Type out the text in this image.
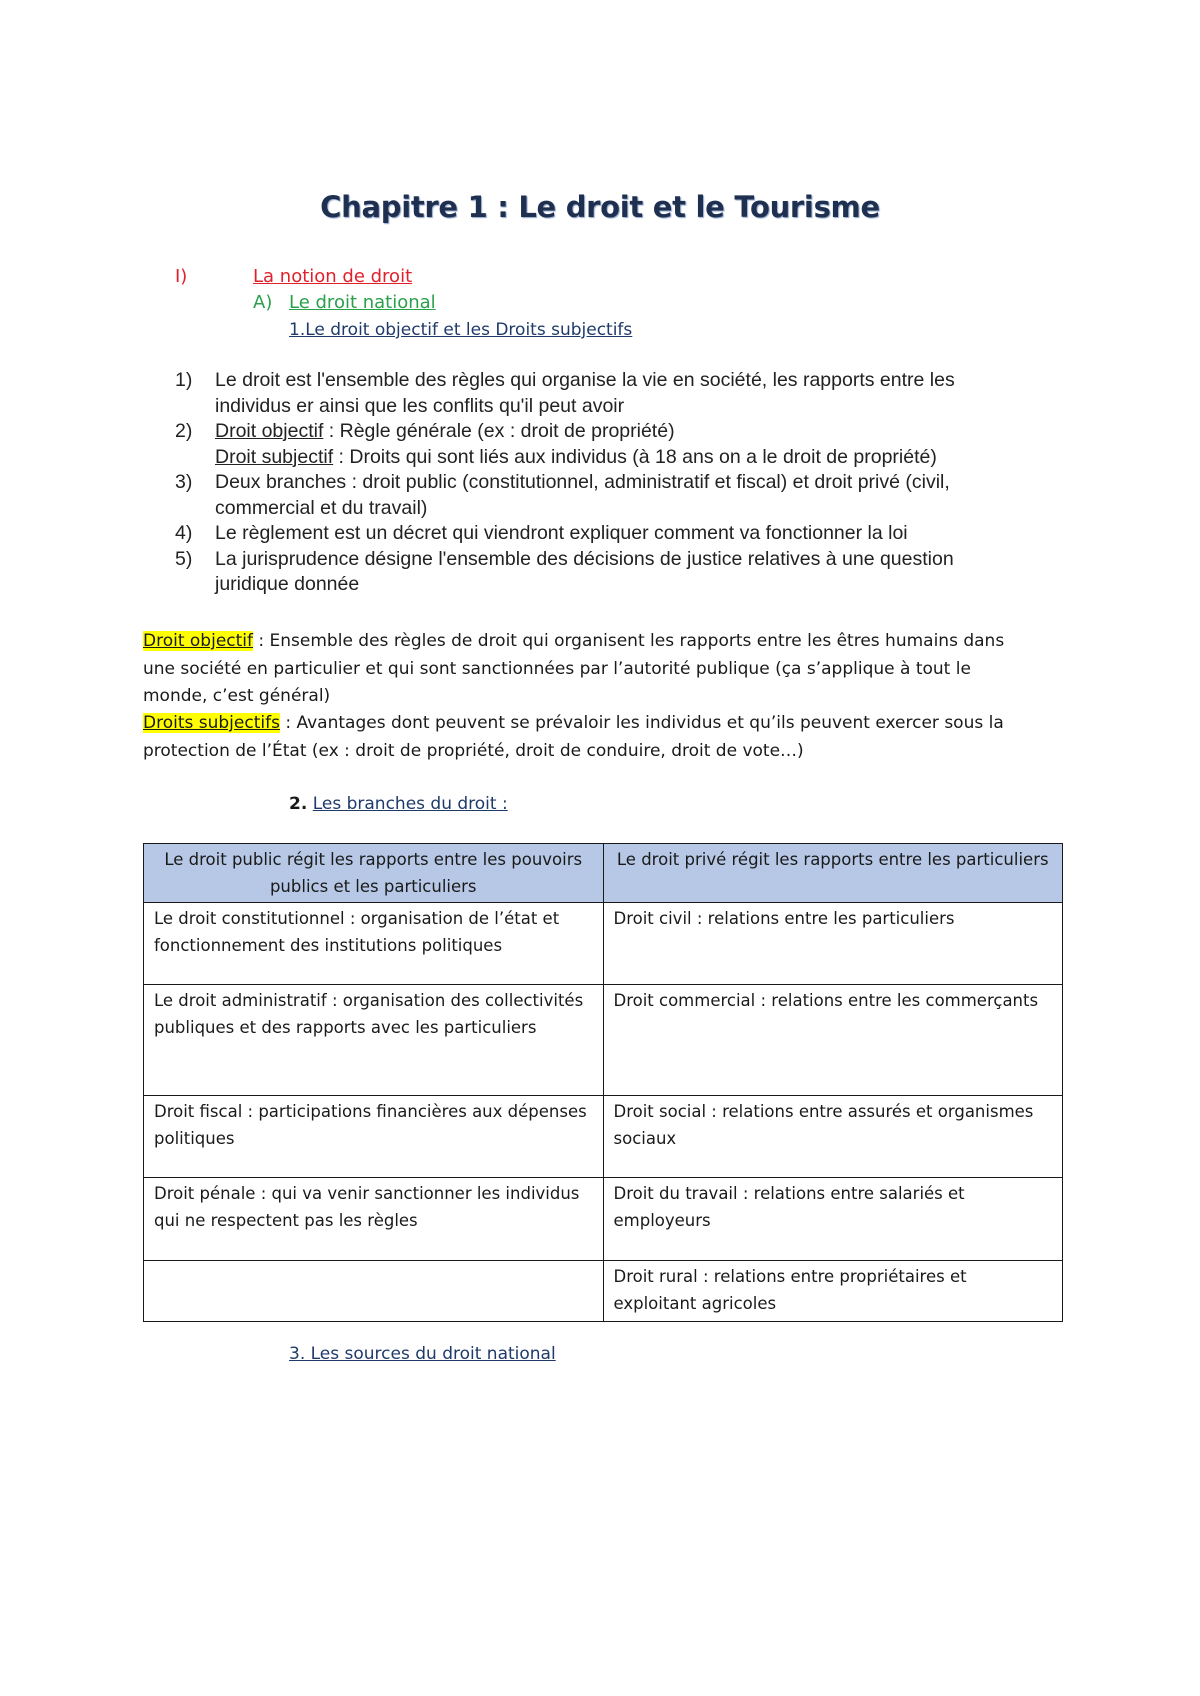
Chapitre 1 : Le droit et le Tourisme
I)	La notion de droit
A) Le droit national
1.Le droit objectif et les Droits subjectifs
1) Le droit est l'ensemble des règles qui organise la vie en société, les rapports entre les
individus er ainsi que les conflits qu'il peut avoir
2) Droit objectif : Règle générale (ex : droit de propriété)
Droit subjectif : Droits qui sont liés aux individus (à 18 ans on a le droit de propriété)
3) Deux branches : droit public (constitutionnel, administratif et fiscal) et droit privé (civil,
commercial et du travail)
4) Le règlement est un décret qui viendront expliquer comment va fonctionner la loi
5) La jurisprudence désigne l'ensemble des décisions de justice relatives à une question
juridique donnée
Droit objectif : Ensemble des règles de droit qui organisent les rapports entre les êtres humains dans
une société en particulier et qui sont sanctionnées par l’autorité publique (ça s’applique à tout le
monde, c’est général)
Droits subjectifs : Avantages dont peuvent se prévaloir les individus et qu’ils peuvent exercer sous la
protection de l’État (ex : droit de propriété, droit de conduire, droit de vote…)
2. Les branches du droit :
Le droit public régit les rapports entre les pouvoirs publics et les particuliers	Le droit privé régit les rapports entre les particuliers
Le droit constitutionnel : organisation de l’état et fonctionnement des institutions politiques	Droit civil : relations entre les particuliers
Le droit administratif : organisation des collectivités publiques et des rapports avec les particuliers	Droit commercial : relations entre les commerçants
Droit fiscal : participations financières aux dépenses politiques	Droit social : relations entre assurés et organismes sociaux
Droit pénale : qui va venir sanctionner les individus qui ne respectent pas les règles	Droit du travail : relations entre salariés et employeurs
	Droit rural : relations entre propriétaires et exploitant agricoles
3. Les sources du droit national
